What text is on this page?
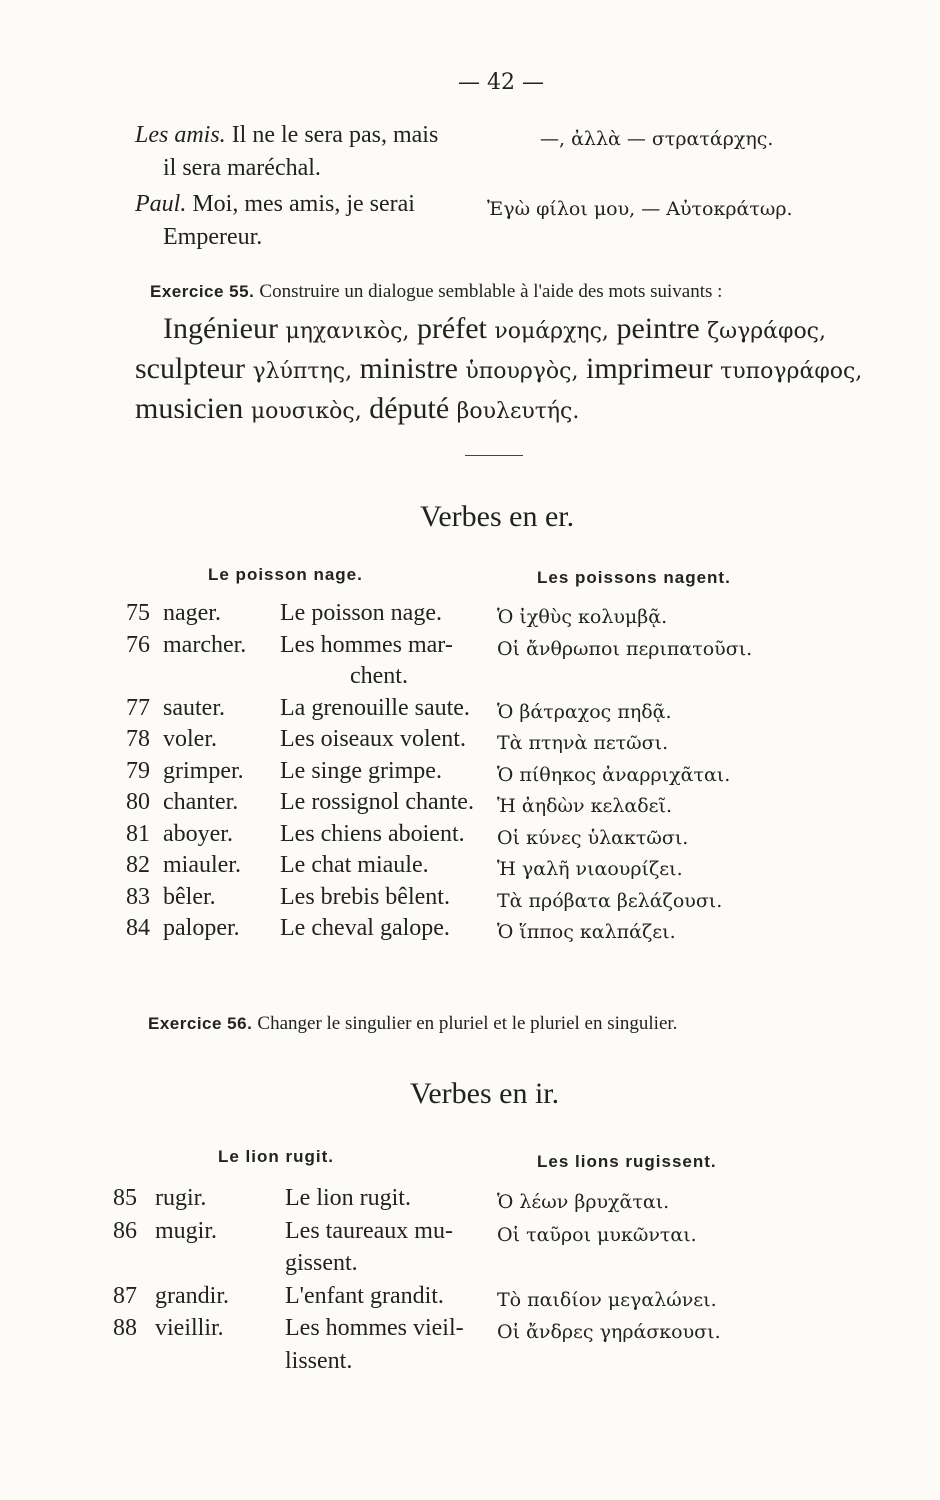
— 42 —
Les amis. Il ne le sera pas, mais	—, ἀλλὰ — στρατάρχης.
il sera maréchal.
Paul. Moi, mes amis, je serai	Ἐγὼ φίλοι μου, — Αὐτοκράτωρ.
Empereur.
Exercice 55. Construire un dialogue semblable à l'aide des mots suivants :
Ingénieur μηχανικὸς, préfet νομάρχης, peintre ζωγράφος,
sculpteur γλύπτης, ministre ὑπουργὸς, imprimeur τυπογράφος,
musicien μουσικὸς, député βουλευτής.
Verbes en er.
Le poisson nage.	Les poissons nagent.
75 nager. Le poisson nage.	Ὁ ἰχθὺς κολυμβᾷ.
76 marcher. Les hommes mar- Οἱ ἄνθρωποι περιπατοῦσι.
chent.
77 sauter. La grenouille saute. Ὁ βάτραχος πηδᾷ.
78 voler.	Les oiseaux volent. Τὰ πτηνὰ πετῶσι.
79 grimper. Le singe grimpe.	Ὁ πίθηκος ἀναρριχᾶται.
80 chanter. Le rossignol chante. Ἡ ἀηδὼν κελαδεῖ.
81 aboyer. Les chiens aboient. Οἱ κύνες ὑλακτῶσι.
82 miauler. Le chat miaule.	Ἡ γαλῆ νιαουρίζει.
83 bêler.	Les brebis bêlent. Τὰ πρόβατα βελάζουσι.
84 paloper. Le cheval galope. Ὁ ἵππος καλπάζει.
Exercice 56. Changer le singulier en pluriel et le pluriel en singulier.
Verbes en ir.
Le lion rugit.	Les lions rugissent.
85 rugir.	Le lion rugit.	Ὁ λέων βρυχᾶται.
86 mugir.	Les taureaux mu- Οἱ ταῦροι μυκῶνται.
gissent.
87 grandir. L'enfant grandit.	Τὸ παιδίον μεγαλώνει.
88 vieillir.	Les hommes vieil- Οἱ ἄνδρες γηράσκουσι.
lissent.
